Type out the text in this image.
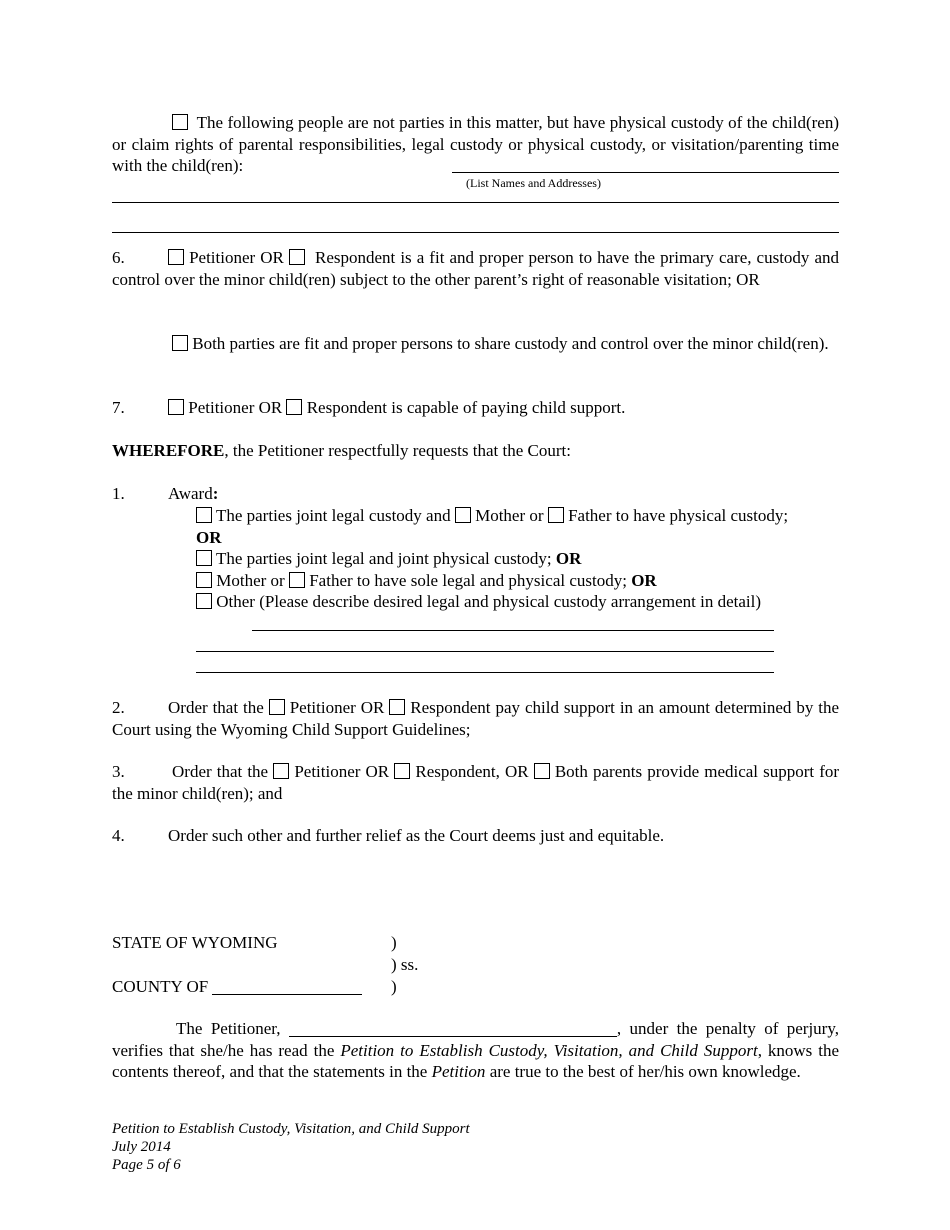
The following people are not parties in this matter, but have physical custody of the child(ren) or claim rights of parental responsibilities, legal custody or physical custody, or visitation/parenting time with the child(ren):
(List Names and Addresses)
6.	Petitioner OR Respondent is a fit and proper person to have the primary care, custody and control over the minor child(ren) subject to the other parent’s right of reasonable visitation; OR
Both parties are fit and proper persons to share custody and control over the minor child(ren).
7.	Petitioner OR Respondent is capable of paying child support.
WHEREFORE, the Petitioner respectfully requests that the Court:
1.	Award:
The parties joint legal custody and Mother or Father to have physical custody; OR
The parties joint legal and joint physical custody; OR
Mother or Father to have sole legal and physical custody; OR
Other (Please describe desired legal and physical custody arrangement in detail)
2.	Order that the Petitioner OR Respondent pay child support in an amount determined by the Court using the Wyoming Child Support Guidelines;
3.	Order that the Petitioner OR Respondent, OR Both parents provide medical support for the minor child(ren); and
4.	Order such other and further relief as the Court deems just and equitable.
STATE OF WYOMING	)
) ss.
COUNTY OF	)
The Petitioner,	, under the penalty of perjury, verifies that she/he has read the Petition to Establish Custody, Visitation, and Child Support, knows the contents thereof, and that the statements in the Petition are true to the best of her/his own knowledge.
Petition to Establish Custody, Visitation, and Child Support
July 2014
Page 5 of 6
